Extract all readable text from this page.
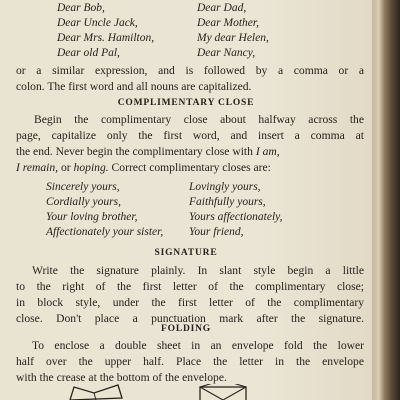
Dear Bob,
Dear Uncle Jack,
Dear Mrs. Hamilton,
Dear old Pal,
Dear Dad,
Dear Mother,
My dear Helen,
Dear Nancy,
or a similar expression, and is followed by a comma or a
colon. The first word and all nouns are capitalized.
COMPLIMENTARY CLOSE
Begin the complimentary close about halfway across the
page, capitalize only the first word, and insert a comma at
the end. Never begin the complimentary close with I am,
I remain, or hoping. Correct complimentary closes are:
Sincerely yours,
Cordially yours,
Your loving brother,
Affectionately your sister,
Lovingly yours,
Faithfully yours,
Yours affectionately,
Your friend,
SIGNATURE
Write the signature plainly. In slant style begin a little
to the right of the first letter of the complimentary close;
in block style, under the first letter of the complimentary
close. Don't place a punctuation mark after the signature.
FOLDING
To enclose a double sheet in an envelope fold the lower
half over the upper half. Place the letter in the envelope
with the crease at the bottom of the envelope.
